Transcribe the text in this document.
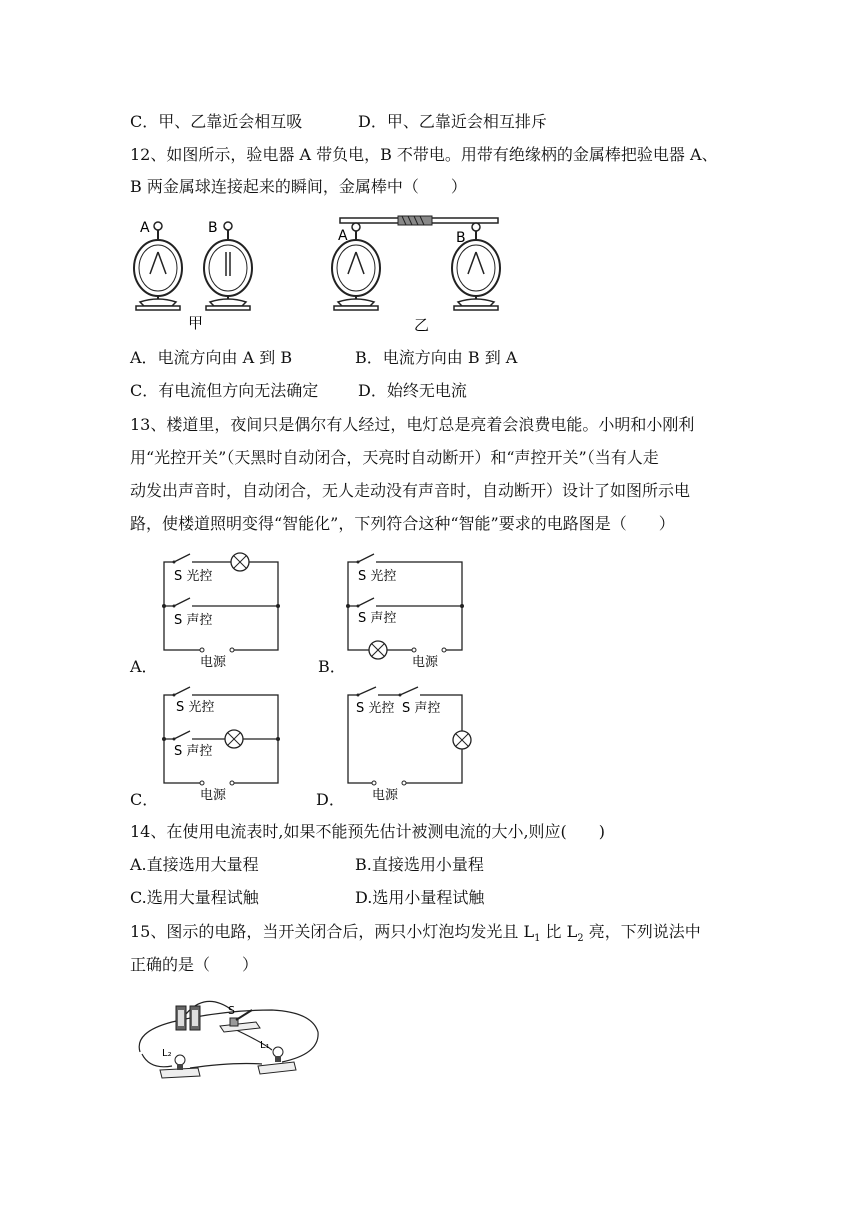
C．甲、乙靠近会相互吸	D．甲、乙靠近会相互排斥
12、如图所示，验电器 A 带负电，B 不带电。用带有绝缘柄的金属棒把验电器 A、
B 两金属球连接起来的瞬间，金属棒中（　　）
A	B
甲
A	B
乙
A．电流方向由 A 到 B	B．电流方向由 B 到 A
C．有电流但方向无法确定 D．始终无电流
13、楼道里，夜间只是偶尔有人经过，电灯总是亮着会浪费电能。小明和小刚利
用“光控开关”（天黑时自动闭合，天亮时自动断开）和“声控开关”（当有人走
动发出声音时，自动闭合，无人走动没有声音时，自动断开）设计了如图所示电
路，使楼道照明变得“智能化”，下列符合这种“智能”要求的电路图是（　　）
A．
S 光控
S 声控
电源	B．
S 光控
S 声控
电源
C．
S 光控
S 声控
电源	D．
S 光控 S 声控
电源
14、在使用电流表时,如果不能预先估计被测电流的大小,则应(　　)
A.直接选用大量程	B.直接选用小量程
C.选用大量程试触	D.选用小量程试触
15、图示的电路，当开关闭合后，两只小灯泡均发光且 $L_1$ 比 $L_2$ 亮，下列说法中
正确的是（　　）
S
L₂
L₁
